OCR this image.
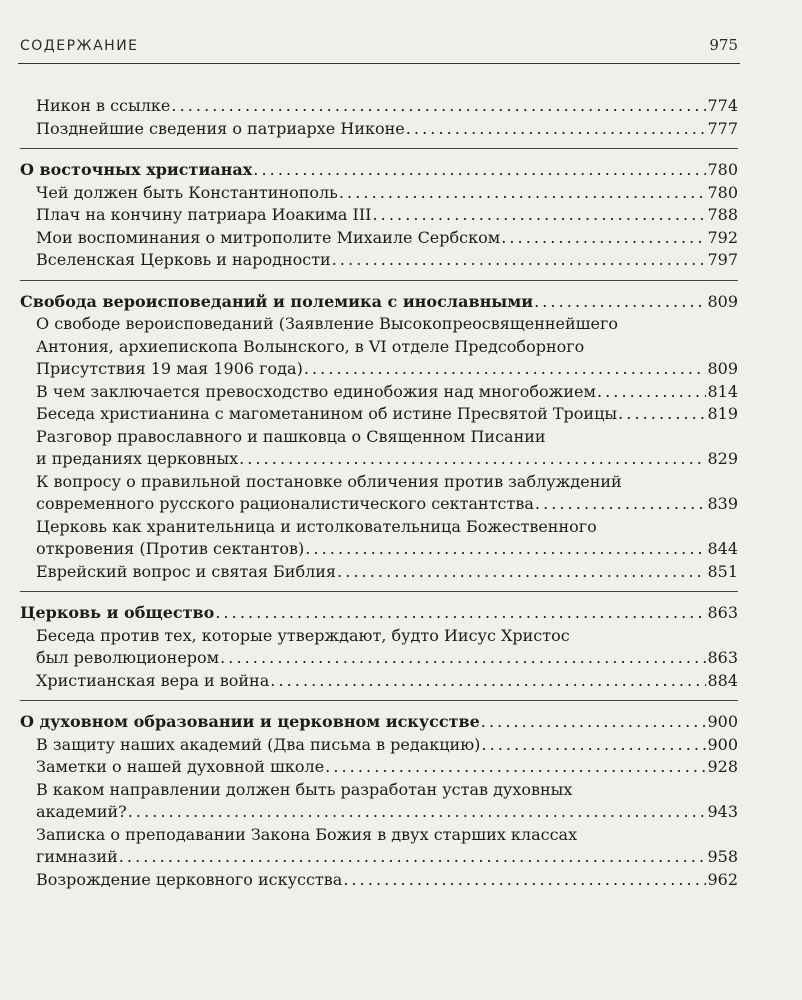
СОДЕРЖАНИЕ	975
Никон в ссылке . . .	774
Позднейшие сведения о патриархе Никоне . . .	777
О восточных христианах . . .	780
Чей должен быть Константинополь . . .	780
Плач на кончину патриара Иоакима III . . .	788
Мои воспоминания о митрополите Михаиле Сербском . . .	792
Вселенская Церковь и народности . . .	797
Свобода вероисповеданий и полемика с инославными . . .	809
О свободе вероисповеданий (Заявление Высокопреосвященнейшего
Антония, архиепископа Волынского, в VI отделе Предсоборного
Присутствия 19 мая 1906 года) . . .	809
В чем заключается превосходство единобожия над многобожием . . .	814
Беседа христианина с магометанином об истине Пресвятой Троицы . . .	819
Разговор православного и пашковца о Священном Писании
и преданиях церковных . . .	829
К вопросу о правильной постановке обличения против заблуждений
современного русского рационалистического сектантства . . .	839
Церковь как хранительница и истолковательница Божественного
откровения (Против сектантов) . . .	844
Еврейский вопрос и святая Библия . . .	851
Церковь и общество . . .	863
Беседа против тех, которые утверждают, будто Иисус Христос
был революционером . . .	863
Христианская вера и война . . .	884
О духовном образовании и церковном искусстве . . .	900
В защиту наших академий (Два письма в редакцию) . . .	900
Заметки о нашей духовной школе . . .	928
В каком направлении должен быть разработан устав духовных
академий? . . .	943
Записка о преподавании Закона Божия в двух старших классах
гимназий . . .	958
Возрождение церковного искусства . . .	962
